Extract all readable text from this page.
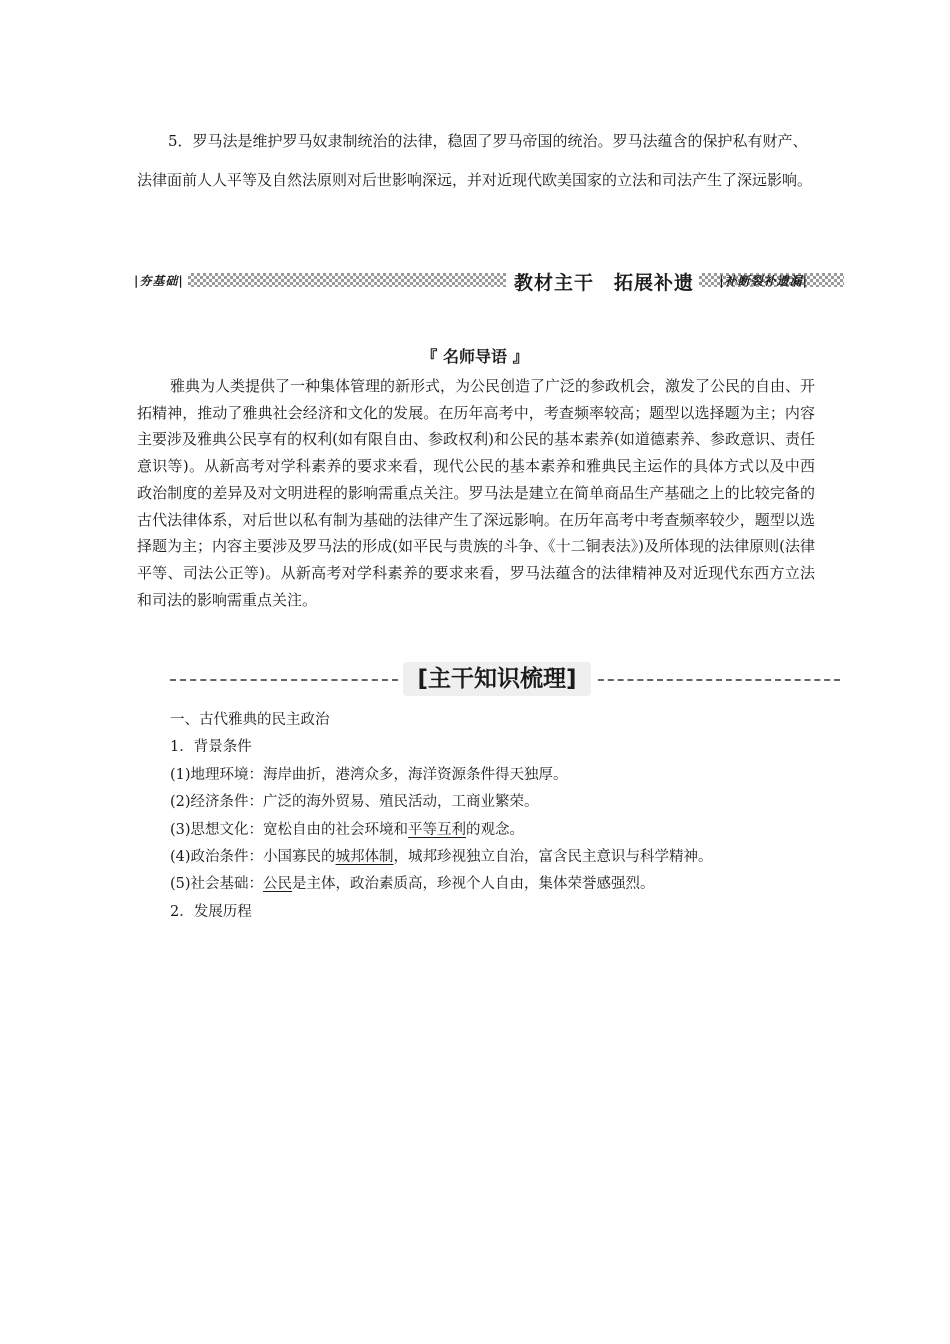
5．罗马法是维护罗马奴隶制统治的法律，稳固了罗马帝国的统治。罗马法蕴含的保护私有财产、法律面前人人平等及自然法原则对后世影响深远，并对近现代欧美国家的立法和司法产生了深远影响。

|夯基础|	教材主干　拓展补遗 |补断裂补遗漏|
『 名师导语 』

雅典为人类提供了一种集体管理的新形式，为公民创造了广泛的参政机会，激发了公民的自由、开拓精神，推动了雅典社会经济和文化的发展。在历年高考中，考查频率较高；题型以选择题为主；内容主要涉及雅典公民享有的权利(如有限自由、参政权利)和公民的基本素养(如道德素养、参政意识、责任意识等)。从新高考对学科素养的要求来看，现代公民的基本素养和雅典民主运作的具体方式以及中西政治制度的差异及对文明进程的影响需重点关注。罗马法是建立在简单商品生产基础之上的比较完备的古代法律体系，对后世以私有制为基础的法律产生了深远影响。在历年高考中考查频率较少，题型以选择题为主；内容主要涉及罗马法的形成(如平民与贵族的斗争、《十二铜表法》)及所体现的法律原则(法律平等、司法公正等)。从新高考对学科素养的要求来看，罗马法蕴含的法律精神及对近现代东西方立法和司法的影响需重点关注。

[主干知识梳理]
一、古代雅典的民主政治
1．背景条件
(1)地理环境：海岸曲折，港湾众多，海洋资源条件得天独厚。
(2)经济条件：广泛的海外贸易、殖民活动，工商业繁荣。
(3)思想文化：宽松自由的社会环境和平等互利的观念。
(4)政治条件：小国寡民的城邦体制，城邦珍视独立自治，富含民主意识与科学精神。
(5)社会基础：公民是主体，政治素质高，珍视个人自由，集体荣誉感强烈。
2．发展历程
